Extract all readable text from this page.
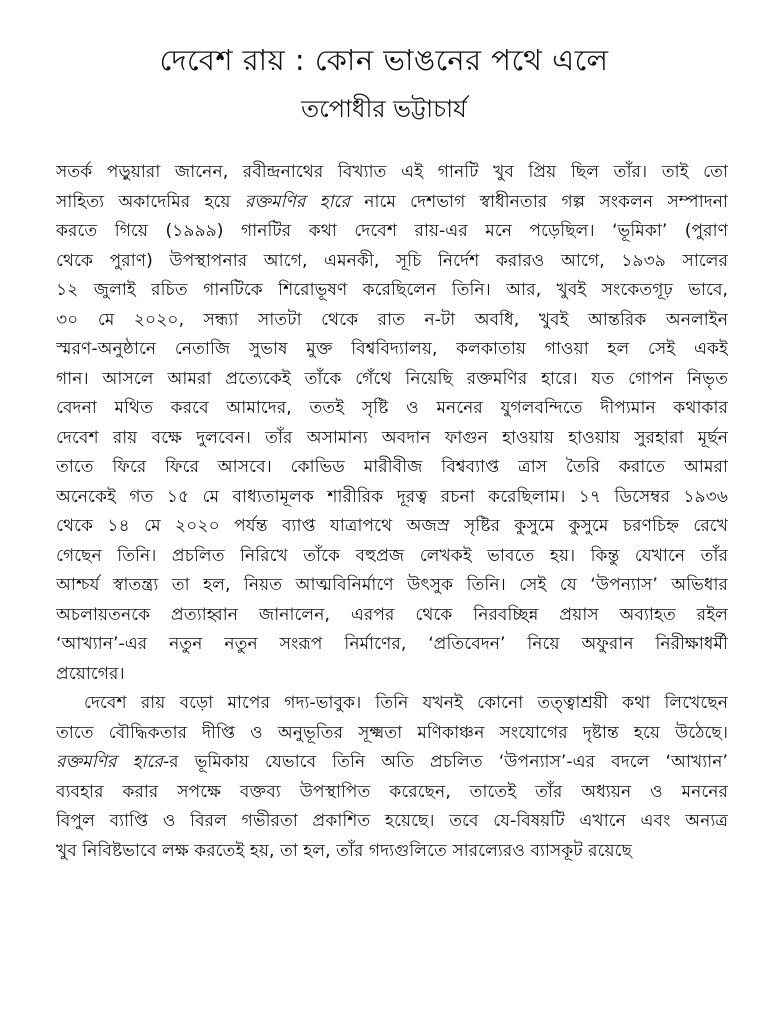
দেবেশ রায় : কোন ভাঙনের পথে এলে
তপোধীর ভট্টাচার্য

সতর্ক পড়ুয়ারা জানেন, রবীন্দ্রনাথের বিখ্যাত এই গানটি খুব প্রিয় ছিল তাঁর। তাই তো
সাহিত্য অকাদেমির হয়ে রক্তমণির হারে নামে দেশভাগ স্বাধীনতার গল্প সংকলন সম্পাদনা
করতে গিয়ে (১৯৯৯) গানটির কথা দেবেশ রায়-এর মনে পড়েছিল। ‘ভূমিকা’ (পুরাণ
থেকে পুরাণ) উপস্থাপনার আগে, এমনকী, সূচি নির্দেশ করারও আগে, ১৯৩৯ সালের
১২ জুলাই রচিত গানটিকে শিরোভূষণ করেছিলেন তিনি। আর, খুবই সংকেতগূঢ় ভাবে,
৩০ মে ২০২০, সন্ধ্যা সাতটা থেকে রাত ন-টা অবধি, খুবই আন্তরিক অনলাইন
স্মরণ-অনুষ্ঠানে নেতাজি সুভাষ মুক্ত বিশ্ববিদ্যালয়, কলকাতায় গাওয়া হল সেই একই
গান। আসলে আমরা প্রত্যেকেই তাঁকে গেঁথে নিয়েছি রক্তমণির হারে। যত গোপন নিভৃত
বেদনা মথিত করবে আমাদের, ততই সৃষ্টি ও মননের যুগলবন্দিতে দীপ্যমান কথাকার
দেবেশ রায় বক্ষে দুলবেন। তাঁর অসামান্য অবদান ফাগুন হাওয়ায় হাওয়ায় সুরহারা মূর্ছন
তাতে ফিরে ফিরে আসবে। কোভিড মারীবীজ বিশ্বব্যাপ্ত ত্রাস তৈরি করাতে আমরা
অনেকেই গত ১৫ মে বাধ্যতামূলক শারীরিক দূরত্ব রচনা করেছিলাম। ১৭ ডিসেম্বর ১৯৩৬
থেকে ১৪ মে ২০২০ পর্যন্ত ব্যাপ্ত যাত্রাপথে অজস্র সৃষ্টির কুসুমে কুসুমে চরণচিহ্ন রেখে
গেছেন তিনি। প্রচলিত নিরিখে তাঁকে বহুপ্রজ লেখকই ভাবতে হয়। কিন্তু যেখানে তাঁর
আশ্চর্য স্বাতন্ত্র্য তা হল, নিয়ত আত্মবিনির্মাণে উৎসুক তিনি। সেই যে ‘উপন্যাস’ অভিধার
অচলায়তনকে প্রত্যাহ্বান জানালেন, এরপর থেকে নিরবচ্ছিন্ন প্রয়াস অব্যাহত রইল
‘আখ্যান’-এর নতুন নতুন সংরূপ নির্মাণের, ‘প্রতিবেদন’ নিয়ে অফুরান নিরীক্ষাধর্মী
প্রয়োগের।

দেবেশ রায় বড়ো মাপের গদ্য-ভাবুক। তিনি যখনই কোনো তত্ত্বাশ্রয়ী কথা লিখেছেন
তাতে বৌদ্ধিকতার দীপ্তি ও অনুভূতির সূক্ষ্মতা মণিকাঞ্চন সংযোগের দৃষ্টান্ত হয়ে উঠেছে।
রক্তমণির হারে-র ভূমিকায় যেভাবে তিনি অতি প্রচলিত ‘উপন্যাস’-এর বদলে ‘আখ্যান’
ব্যবহার করার সপক্ষে বক্তব্য উপস্থাপিত করেছেন, তাতেই তাঁর অধ্যয়ন ও মননের
বিপুল ব্যাপ্তি ও বিরল গভীরতা প্রকাশিত হয়েছে। তবে যে-বিষয়টি এখানে এবং অন্যত্র
খুব নিবিষ্টভাবে লক্ষ করতেই হয়, তা হল, তাঁর গদ্যগুলিতে সারল্যেরও ব্যাসকূট রয়েছে
